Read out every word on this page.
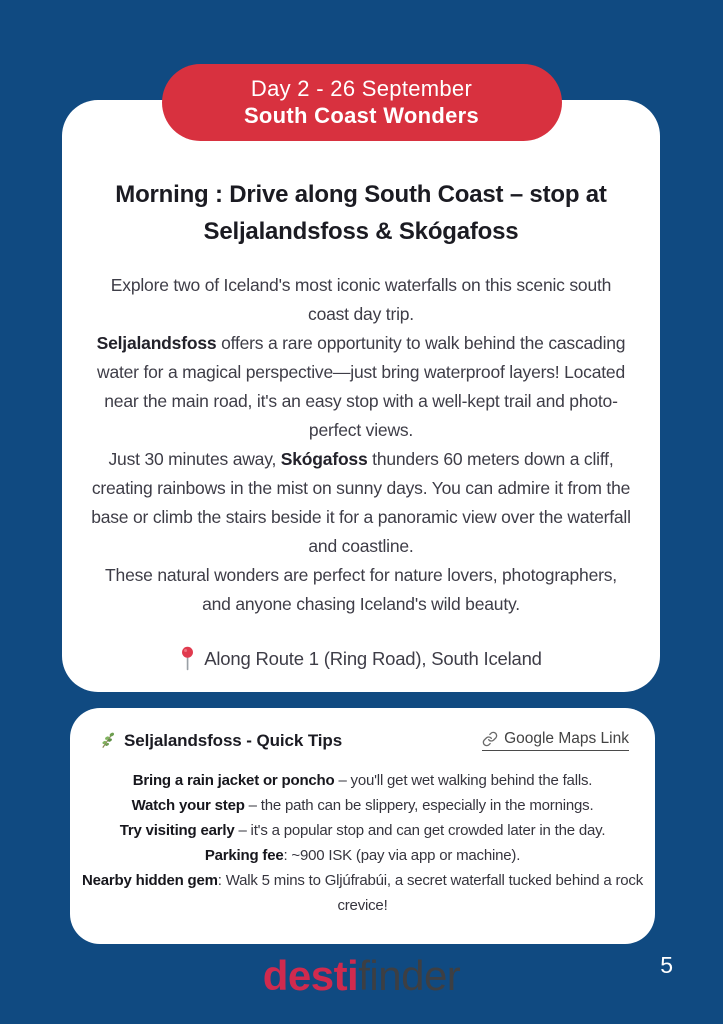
Day 2 - 26 September
South Coast Wonders
Morning : Drive along South Coast – stop at
Seljalandsfoss & Skógafoss
Explore two of Iceland's most iconic waterfalls on this scenic south coast day trip.
Seljalandsfoss offers a rare opportunity to walk behind the cascading water for a magical perspective—just bring waterproof layers! Located near the main road, it's an easy stop with a well-kept trail and photo-perfect views.
Just 30 minutes away, Skógafoss thunders 60 meters down a cliff, creating rainbows in the mist on sunny days. You can admire it from the base or climb the stairs beside it for a panoramic view over the waterfall and coastline.
These natural wonders are perfect for nature lovers, photographers, and anyone chasing Iceland's wild beauty.
Along Route 1 (Ring Road), South Iceland
Seljalandsfoss - Quick Tips	Google Maps Link
Bring a rain jacket or poncho – you'll get wet walking behind the falls.
Watch your step – the path can be slippery, especially in the mornings.
Try visiting early – it's a popular stop and can get crowded later in the day.
Parking fee: ~900 ISK (pay via app or machine).
Nearby hidden gem: Walk 5 mins to Gljúfrabúi, a secret waterfall tucked behind a rock crevice!
destifinder	5
